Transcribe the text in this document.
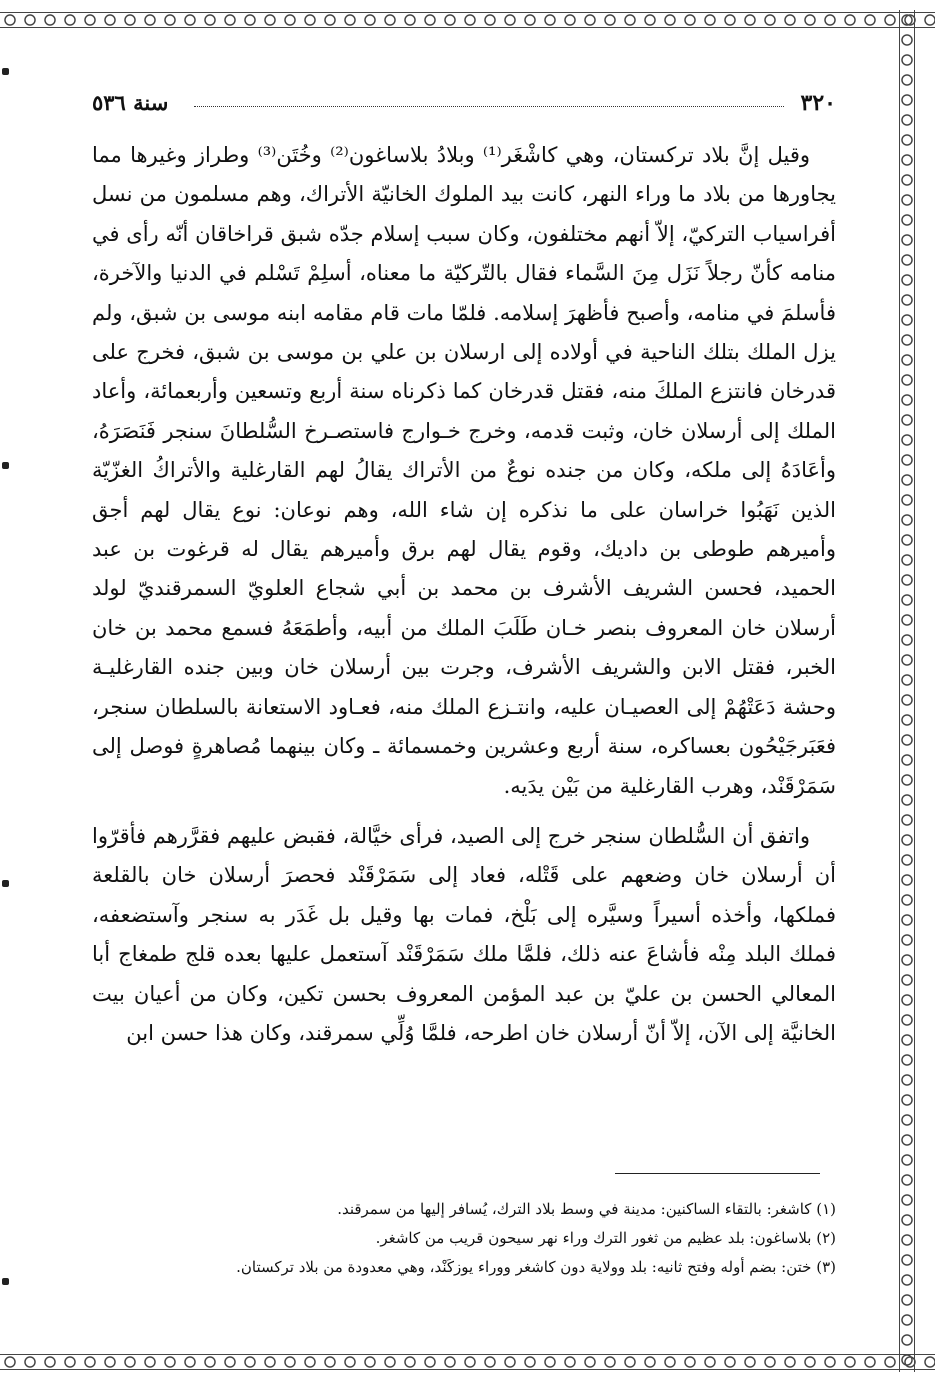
٣٢٠
سنة ٥٣٦

وقيل إنَّ بلاد تركستان، وهي كاشْغَر⁽¹⁾ وبلادُ بلاساغون⁽²⁾ وخُتَن⁽³⁾ وطراز وغيرها مما يجاورها من بلاد ما وراء النهر، كانت بيد الملوك الخانيّة الأتراك، وهم مسلمون من نسل أفراسياب التركيّ، إلاّ أنهم مختلفون، وكان سبب إسلام جدّه شبق قراخاقان أنّه رأى في منامه كأنّ رجلاً نَزَل مِنَ السَّماء فقال بالتّركيّة ما معناه، أسلِمْ تَسْلم في الدنيا والآخرة، فأسلمَ في منامه، وأصبح فأظهرَ إسلامه. فلمّا مات قام مقامه ابنه موسى بن شبق، ولم يزل الملك بتلك الناحية في أولاده إلى ارسلان بن علي بن موسى بن شبق، فخرج على قدرخان فانتزع الملكَ منه، فقتل قدرخان كما ذكرناه سنة أربع وتسعين وأربعمائة، وأعاد الملك إلى أرسلان خان، وثبت قدمه، وخرج خـوارج فاستصـرخ السُّلطانَ سنجر فَنَصَرَهُ، وأعَادَهُ إلى ملكه، وكان من جنده نوعٌ من الأتراك يقالُ لهم القارغلية والأتراكُ الغزّيّة الذين نَهَبُوا خراسان على ما نذكره إن شاء الله، وهم نوعان: نوع يقال لهم أجق وأميرهم طوطى بن داديك، وقوم يقال لهم برق وأميرهم يقال له قرغوت بن عبد الحميد، فحسن الشريف الأشرف بن محمد بن أبي شجاع العلويّ السمرقنديّ لولد أرسلان خان المعروف بنصر خـان طَلَبَ الملك من أبيه، وأطمَعَهُ فسمع محمد بن خان الخبر، فقتل الابن والشريف الأشرف، وجرت بين أرسلان خان وبين جنده القارغليـة وحشة دَعَتْهُمْ إلى العصيـان عليه، وانتـزع الملك منه، فعـاود الاستعانة بالسلطان سنجر، فعَبَرجَيْحُون بعساكره، سنة أربع وعشرين وخمسمائة ـ وكان بينهما مُصاهرةٍ فوصل إلى سَمَرْقَنْد، وهرب القارغلية من بَيْن يدَيه.

واتفق أن السُّلطان سنجر خرج إلى الصيد، فرأى خيَّالة، فقبض عليهم فقرَّرهم فأقرّوا أن أرسلان خان وضعهم على قَتْله، فعاد إلى سَمَرْقَنْد فحصرَ أرسلان خان بالقلعة فملكها، وأخذه أسيراً وسيَّره إلى بَلْخ، فمات بها وقيل بل غَدَر به سنجر وآستضعفه، فملك البلد مِنْه فأشاعَ عنه ذلك، فلمَّا ملك سَمَرْقَنْد آستعمل عليها بعده قلج طمغاج أبا المعالي الحسن بن عليّ بن عبد المؤمن المعروف بحسن تكين، وكان من أعيان بيت الخانيَّة إلى الآن، إلاّ أنّ أرسلان خان اطرحه، فلمَّا وُلِّي سمرقند، وكان هذا حسن ابن

(١) كاشغر: بالتقاء الساكنين: مدينة في وسط بلاد الترك، يُسافر إليها من سمرقند.
(٢) بلاساغون: بلد عظيم من ثغور الترك وراء نهر سيحون قريب من كاشغر.
(٣) ختن: بضم أوله وفتح ثانيه: بلد وولاية دون كاشغر ووراء يوزكَنْد، وهي معدودة من بلاد تركستان.
